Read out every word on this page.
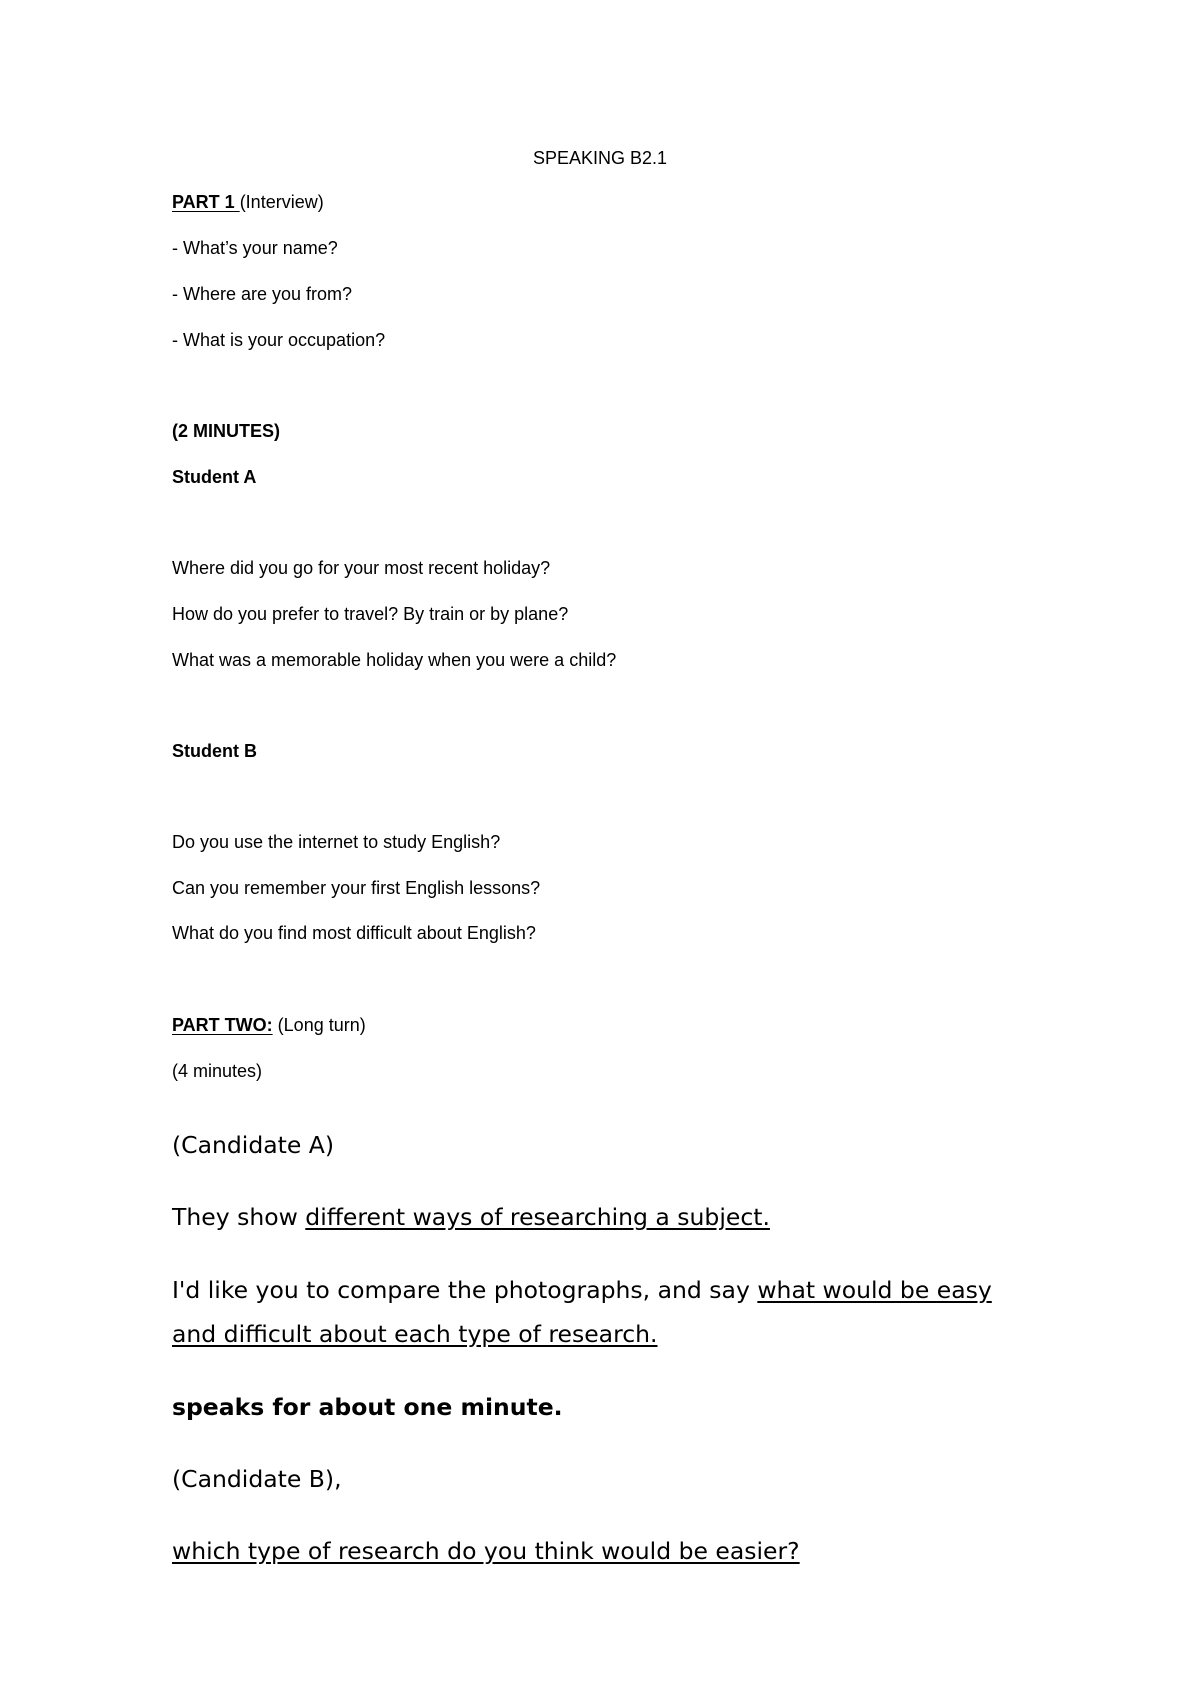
SPEAKING B2.1
PART 1 (Interview)
- What’s your name?
- Where are you from?
- What is your occupation?
(2 MINUTES)
Student A
Where did you go for your most recent holiday?
How do you prefer to travel? By train or by plane?
What was a memorable holiday when you were a child?
Student B
Do you use the internet to study English?
Can you remember your first English lessons?
What do you find most difficult about English?
PART TWO: (Long turn)
(4 minutes)
(Candidate A)
They show different ways of researching a subject.
I'd like you to compare the photographs, and say what would be easy
and difficult about each type of research.
speaks for about one minute.
(Candidate B),
which type of research do you think would be easier?
